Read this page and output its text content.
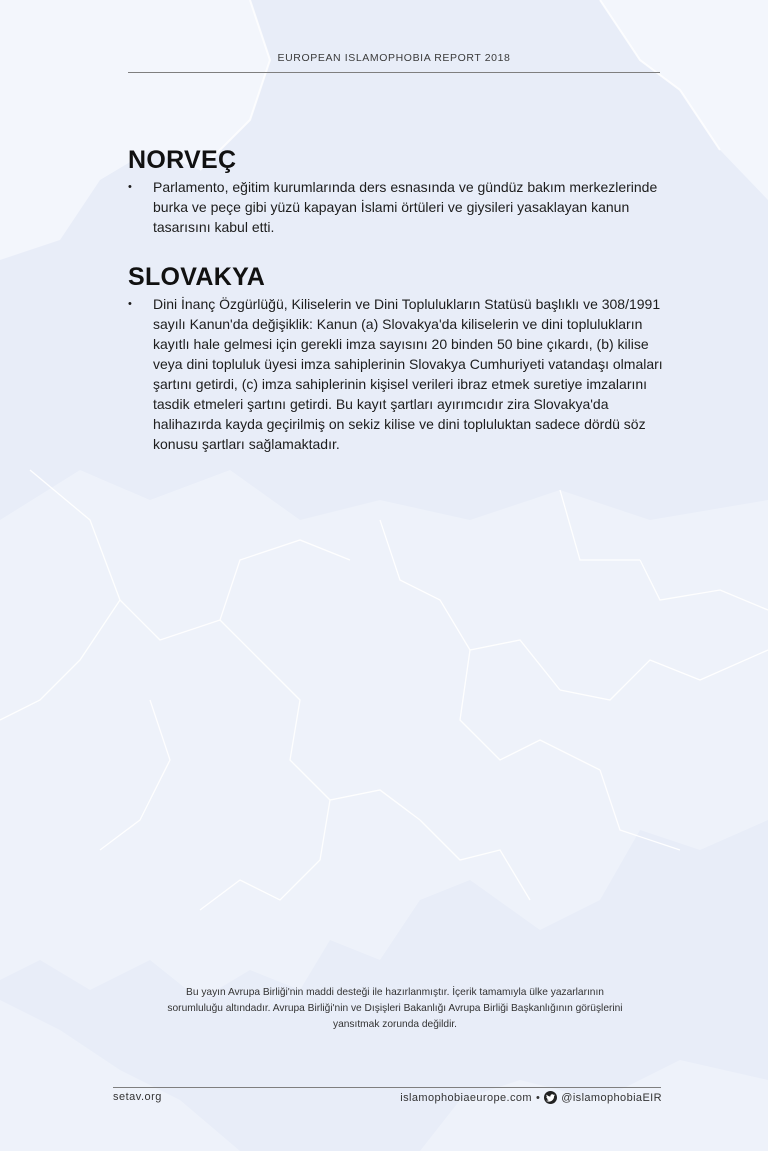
EUROPEAN ISLAMOPHOBIA REPORT 2018
NORVEÇ
• Parlamento, eğitim kurumlarında ders esnasında ve gündüz bakım merkezlerinde burka ve peçe gibi yüzü kapayan İslami örtüleri ve giysileri yasaklayan kanun tasarısını kabul etti.
SLOVAKYA
• Dini İnanç Özgürlüğü, Kiliselerin ve Dini Toplulukların Statüsü başlıklı ve 308/1991 sayılı Kanun'da değişiklik: Kanun (a) Slovakya'da kiliselerin ve dini toplulukların kayıtlı hale gelmesi için gerekli imza sayısını 20 binden 50 bine çıkardı, (b) kilise veya dini topluluk üyesi imza sahiplerinin Slovakya Cumhuriyeti vatandaşı olmaları şartını getirdi, (c) imza sahiplerinin kişisel verileri ibraz etmek suretiye imzalarını tasdik etmeleri şartını getirdi. Bu kayıt şartları ayırımcıdır zira Slovakya'da halihazırda kayda geçirilmiş on sekiz kilise ve dini topluluktan sadece dördü söz konusu şartları sağlamaktadır.
Bu yayın Avrupa Birliği'nin maddi desteği ile hazırlanmıştır. İçerik tamamıyla ülke yazarlarının sorumluluğu altındadır. Avrupa Birliği'nin ve Dışişleri Bakanlığı Avrupa Birliği Başkanlığının görüşlerini yansıtmak zorunda değildir.
setav.org	islamophobiaeurope.com • @islamophobiaEIR
